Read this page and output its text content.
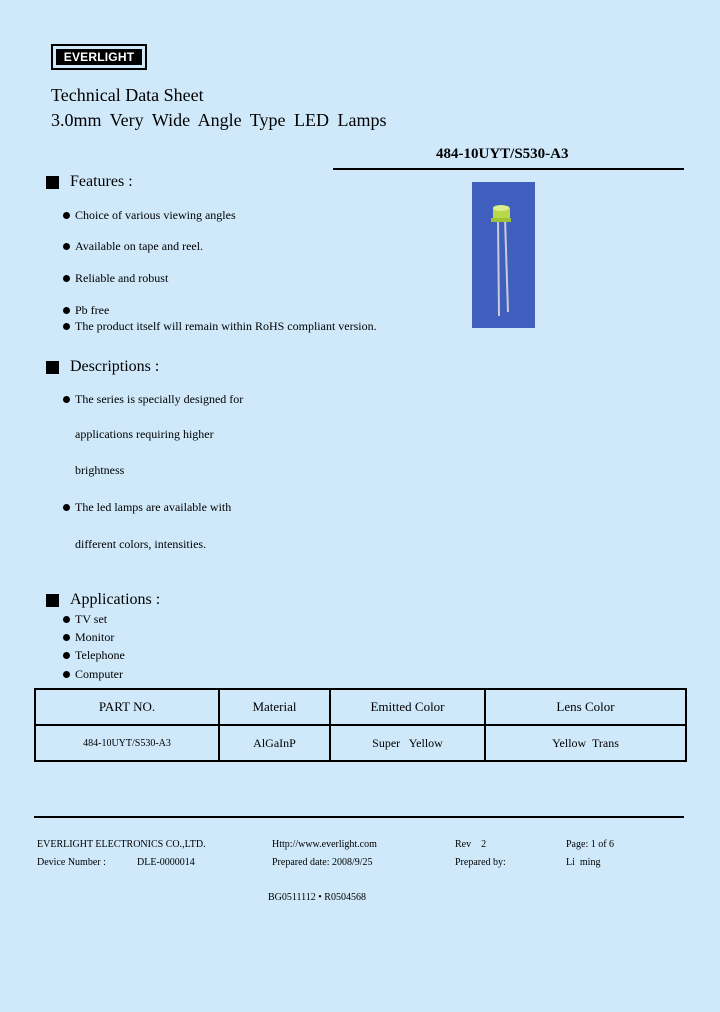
EVERLIGHT
Technical Data Sheet
3.0mm Very Wide Angle Type LED Lamps
484-10UYT/S530-A3
Features :
Choice of various viewing angles
Available on tape and reel.
Reliable and robust
Pb free
The product itself will remain within RoHS compliant version.
Descriptions :
The series is specially designed for
applications requiring higher
brightness
The led lamps are available with
different colors, intensities.
Applications :
TV set
Monitor
Telephone
Computer
PART NO.	Material	Emitted Color	Lens Color
484-10UYT/S530-A3	AlGaInP	Super   Yellow	Yellow  Trans
EVERLIGHT ELECTRONICS CO.,LTD.	Http://www.everlight.com	Rev    2	Page: 1 of 6
Device Number :	DLE-0000014	Prepared date: 2008/9/25	Prepared by:	Li  ming
BG0511112 • R0504568
